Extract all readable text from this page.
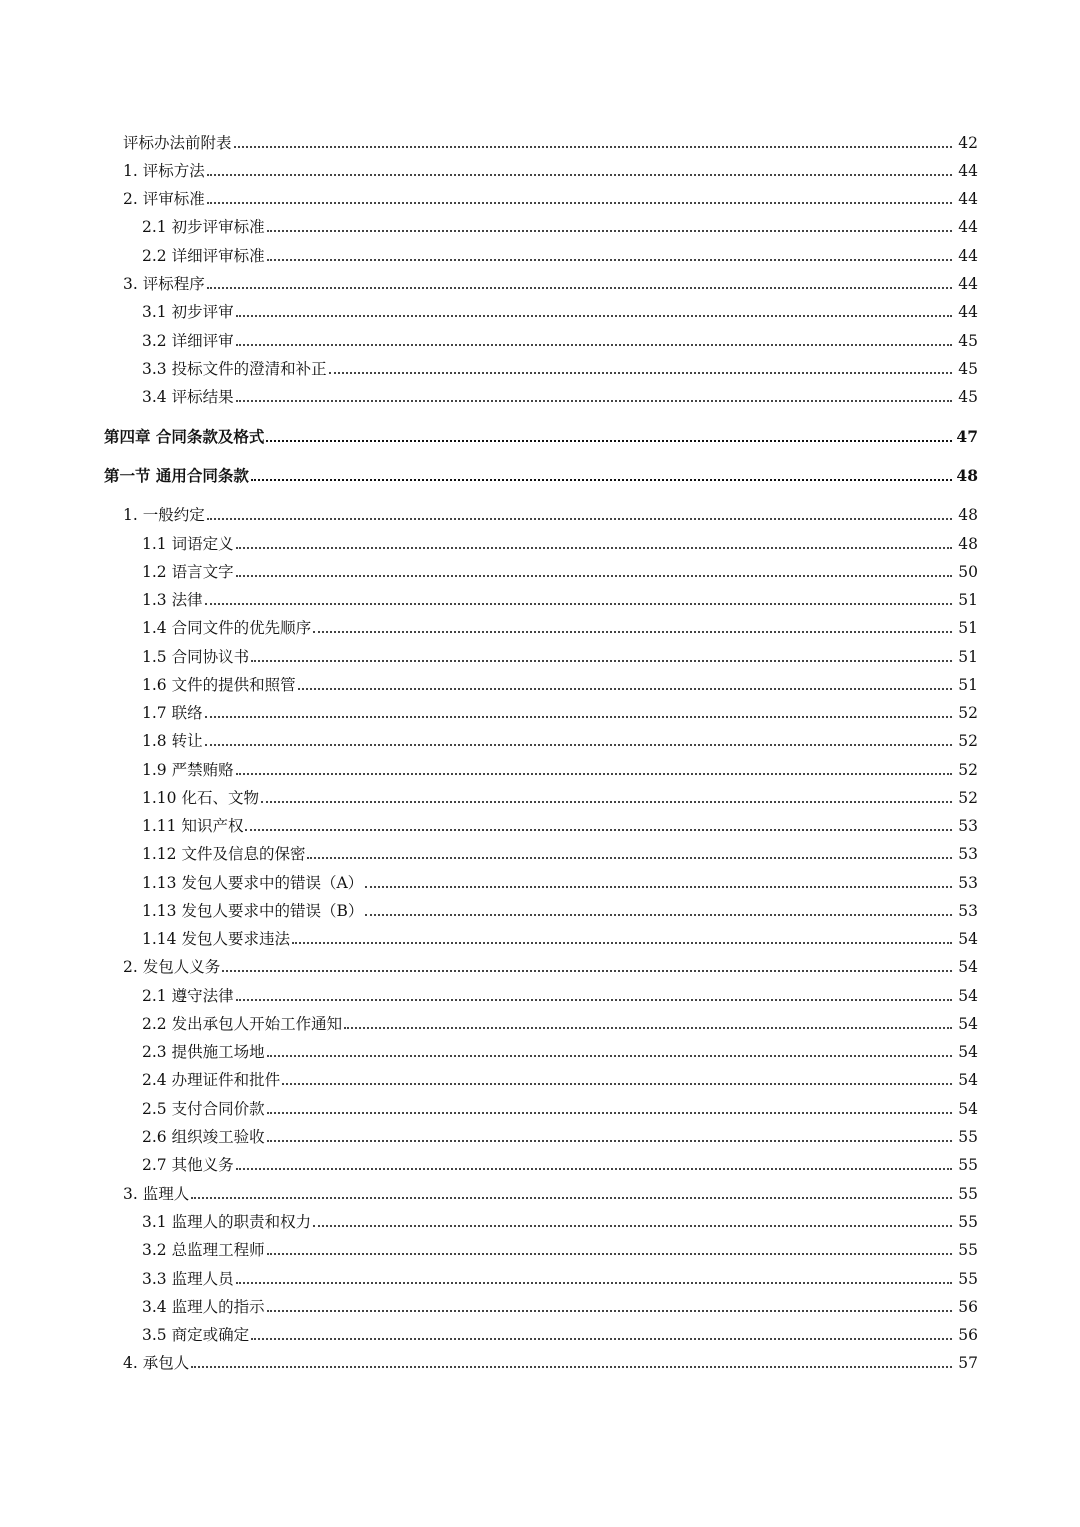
评标办法前附表	42
1. 评标方法	44
2. 评审标准	44
2.1 初步评审标准	44
2.2 详细评审标准	44
3. 评标程序	44
3.1 初步评审	44
3.2 详细评审	45
3.3 投标文件的澄清和补正	45
3.4 评标结果	45
第四章 合同条款及格式	47
第一节 通用合同条款	48
1. 一般约定	48
1.1 词语定义	48
1.2 语言文字	50
1.3 法律	51
1.4 合同文件的优先顺序	51
1.5 合同协议书	51
1.6 文件的提供和照管	51
1.7 联络	52
1.8 转让	52
1.9 严禁贿赂	52
1.10 化石、文物	52
1.11 知识产权	53
1.12 文件及信息的保密	53
1.13 发包人要求中的错误（A）	53
1.13 发包人要求中的错误（B）	53
1.14 发包人要求违法	54
2. 发包人义务	54
2.1 遵守法律	54
2.2 发出承包人开始工作通知	54
2.3 提供施工场地	54
2.4 办理证件和批件	54
2.5 支付合同价款	54
2.6 组织竣工验收	55
2.7 其他义务	55
3. 监理人	55
3.1 监理人的职责和权力	55
3.2 总监理工程师	55
3.3 监理人员	55
3.4 监理人的指示	56
3.5 商定或确定	56
4. 承包人	57
